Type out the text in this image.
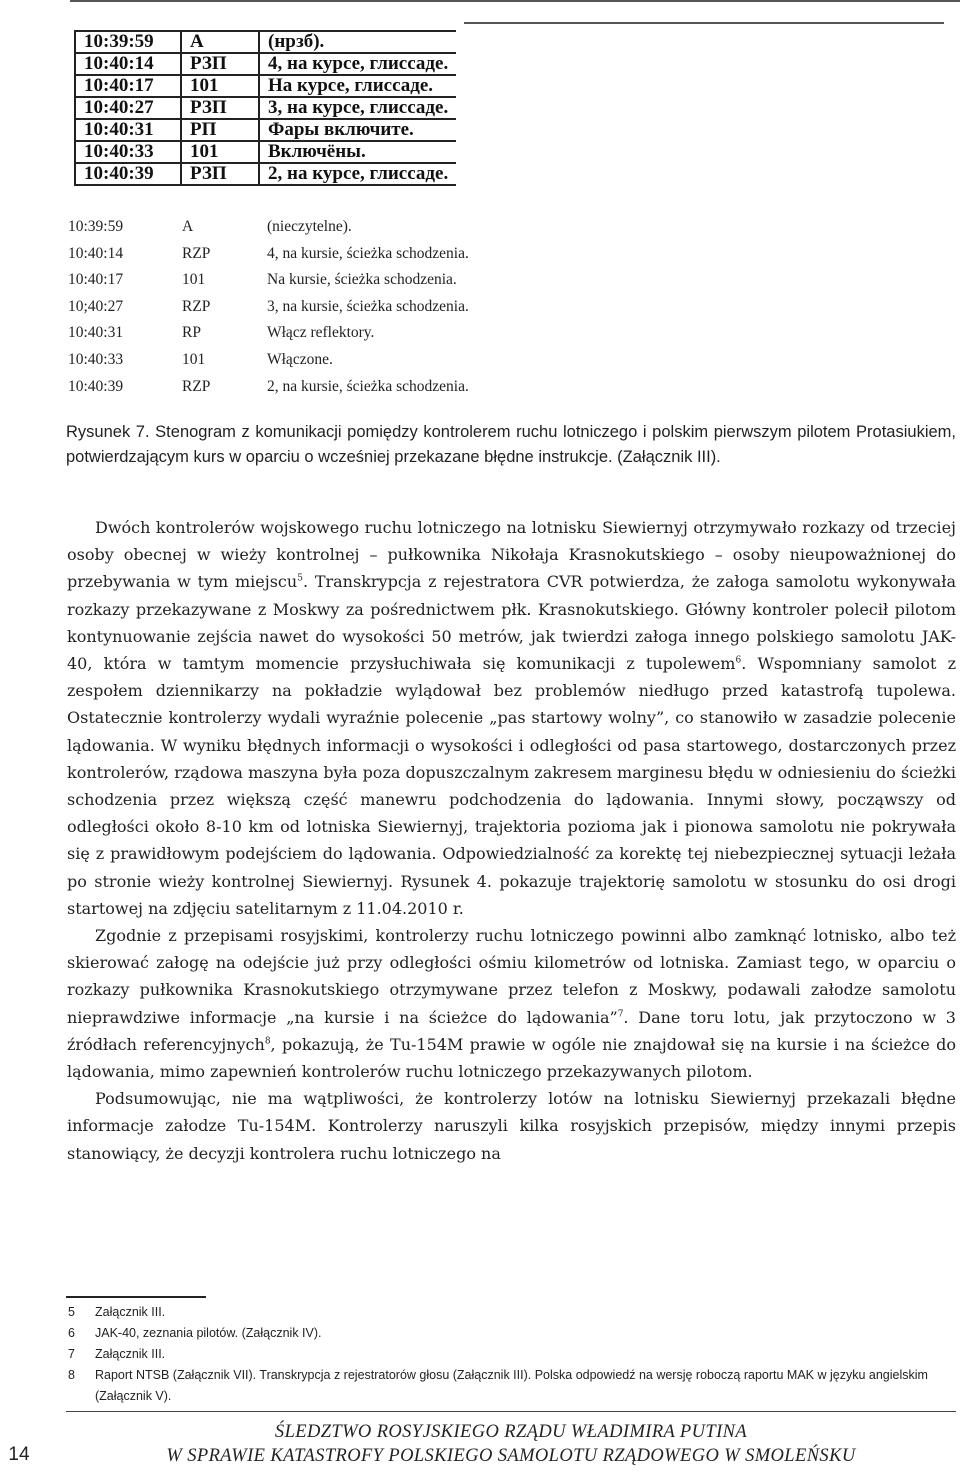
10:39:59	А	(нрзб).
10:40:14	РЗП	4, на курсе, глиссаде.
10:40:17	101	На курсе, глиссаде.
10:40:27	РЗП	3, на курсе, глиссаде.
10:40:31	РП	Фары включите.
10:40:33	101	Включёны.
10:40:39	РЗП	2, на курсе, глиссаде.
10:39:59	A	(nieczytelne).
10:40:14	RZP	4, na kursie, ścieżka schodzenia.
10:40:17	101	Na kursie, ścieżka schodzenia.
10;40:27	RZP	3, na kursie, ścieżka schodzenia.
10:40:31	RP	Włącz reflektory.
10:40:33	101	Włączone.
10:40:39	RZP	2, na kursie, ścieżka schodzenia.
Rysunek 7. Stenogram z komunikacji pomiędzy kontrolerem ruchu lotniczego i polskim pierwszym pilotem Protasiukiem, potwierdzającym kurs w oparciu o wcześniej przekazane błędne instrukcje. (Załącznik III).

Dwóch kontrolerów wojskowego ruchu lotniczego na lotnisku Siewiernyj otrzymywało rozkazy od trzeciej osoby obecnej w wieży kontrolnej – pułkownika Nikołaja Krasnokutskiego – osoby nieupoważnionej do przebywania w tym miejscu$^5$. Transkrypcja z rejestratora CVR potwierdza, że załoga samolotu wykonywała rozkazy przekazywane z Moskwy za pośrednictwem płk. Krasnokutskiego. Główny kontroler polecił pilotom kontynuowanie zejścia nawet do wysokości 50 metrów, jak twierdzi załoga innego polskiego samolotu JAK-40, która w tamtym momencie przysłuchiwała się komunikacji z tupolewem$^6$. Wspomniany samolot z zespołem dziennikarzy na pokładzie wylądował bez problemów niedługo przed katastrofą tupolewa. Ostatecznie kontrolerzy wydali wyraźnie polecenie „pas startowy wolny”, co stanowiło w zasadzie polecenie lądowania. W wyniku błędnych informacji o wysokości i odległości od pasa startowego, dostarczonych przez kontrolerów, rządowa maszyna była poza dopuszczalnym zakresem marginesu błędu w odniesieniu do ścieżki schodzenia przez większą część manewru podchodzenia do lądowania. Innymi słowy, począwszy od odległości około 8-10 km od lotniska Siewiernyj, trajektoria pozioma jak i pionowa samolotu nie pokrywała się z prawidłowym podejściem do lądowania. Odpowiedzialność za korektę tej niebezpiecznej sytuacji leżała po stronie wieży kontrolnej Siewiernyj. Rysunek 4. pokazuje trajektorię samolotu w stosunku do osi drogi startowej na zdjęciu satelitarnym z 11.04.2010 r.

Zgodnie z przepisami rosyjskimi, kontrolerzy ruchu lotniczego powinni albo zamknąć lotnisko, albo też skierować załogę na odejście już przy odległości ośmiu kilometrów od lotniska. Zamiast tego, w oparciu o rozkazy pułkownika Krasnokutskiego otrzymywane przez telefon z Moskwy, podawali załodze samolotu nieprawdziwe informacje „na kursie i na ścieżce do lądowania”$^7$. Dane toru lotu, jak przytoczono w 3 źródłach referencyjnych$^8$, pokazują, że Tu-154M prawie w ogóle nie znajdował się na kursie i na ścieżce do lądowania, mimo zapewnień kontrolerów ruchu lotniczego przekazywanych pilotom.

Podsumowując, nie ma wątpliwości, że kontrolerzy lotów na lotnisku Siewiernyj przekazali błędne informacje załodze Tu-154M. Kontrolerzy naruszyli kilka rosyjskich przepisów, między innymi przepis stanowiący, że decyzji kontrolera ruchu lotniczego na

5 Załącznik III.
6 JAK-40, zeznania pilotów. (Załącznik IV).
7 Załącznik III.
8 Raport NTSB (Załącznik VII). Transkrypcja z rejestratorów głosu (Załącznik III). Polska odpowiedź na wersję roboczą raportu MAK w języku angielskim (Załącznik V).
14
ŚLEDZTWO ROSYJSKIEGO RZĄDU WŁADIMIRA PUTINA
W SPRAWIE KATASTROFY POLSKIEGO SAMOLOTU RZĄDOWEGO W SMOLEŃSKU
